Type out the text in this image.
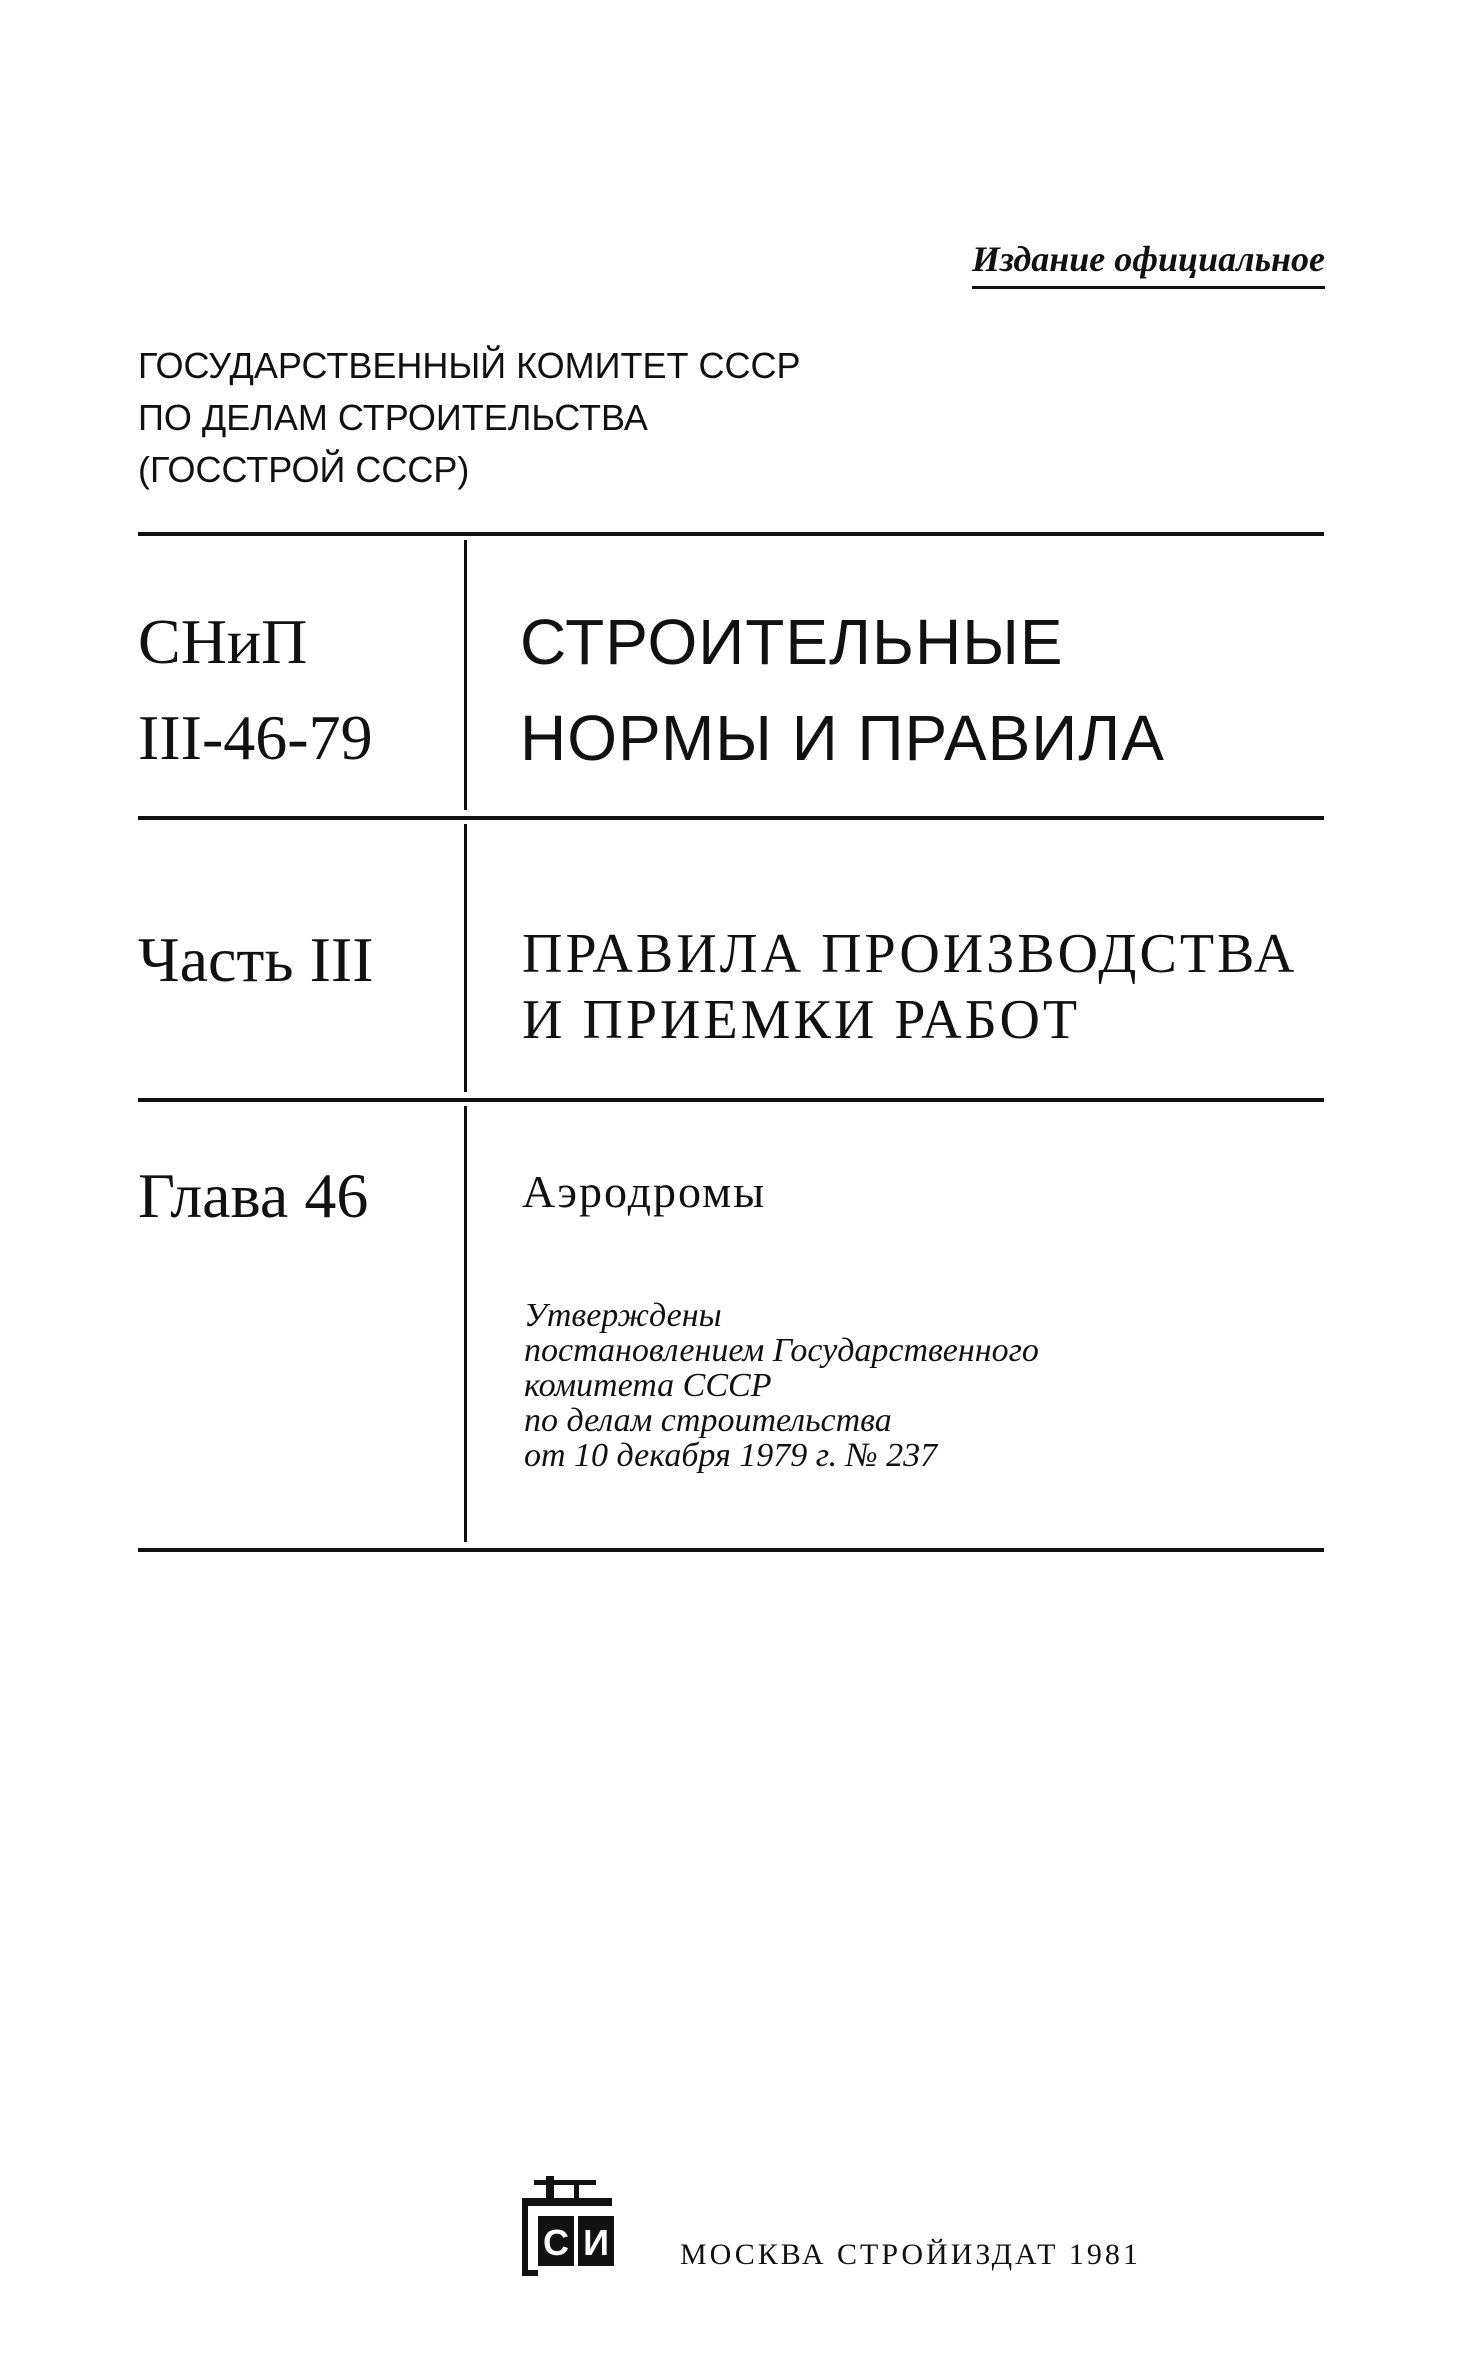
Издание официальное
ГОСУДАРСТВЕННЫЙ КОМИТЕТ СССР
ПО ДЕЛАМ СТРОИТЕЛЬСТВА
(ГОССТРОЙ СССР)
СНиП
III-46-79
СТРОИТЕЛЬНЫЕ
НОРМЫ И ПРАВИЛА
Часть III	ПРАВИЛА ПРОИЗВОДСТВА
И ПРИЕМКИ РАБОТ
Глава 46	Аэродромы
Утверждены
постановлением Государственного
комитета СССР
по делам строительства
от 10 декабря 1979 г. № 237
С И МОСКВА СТРОЙИЗДАТ 1981
